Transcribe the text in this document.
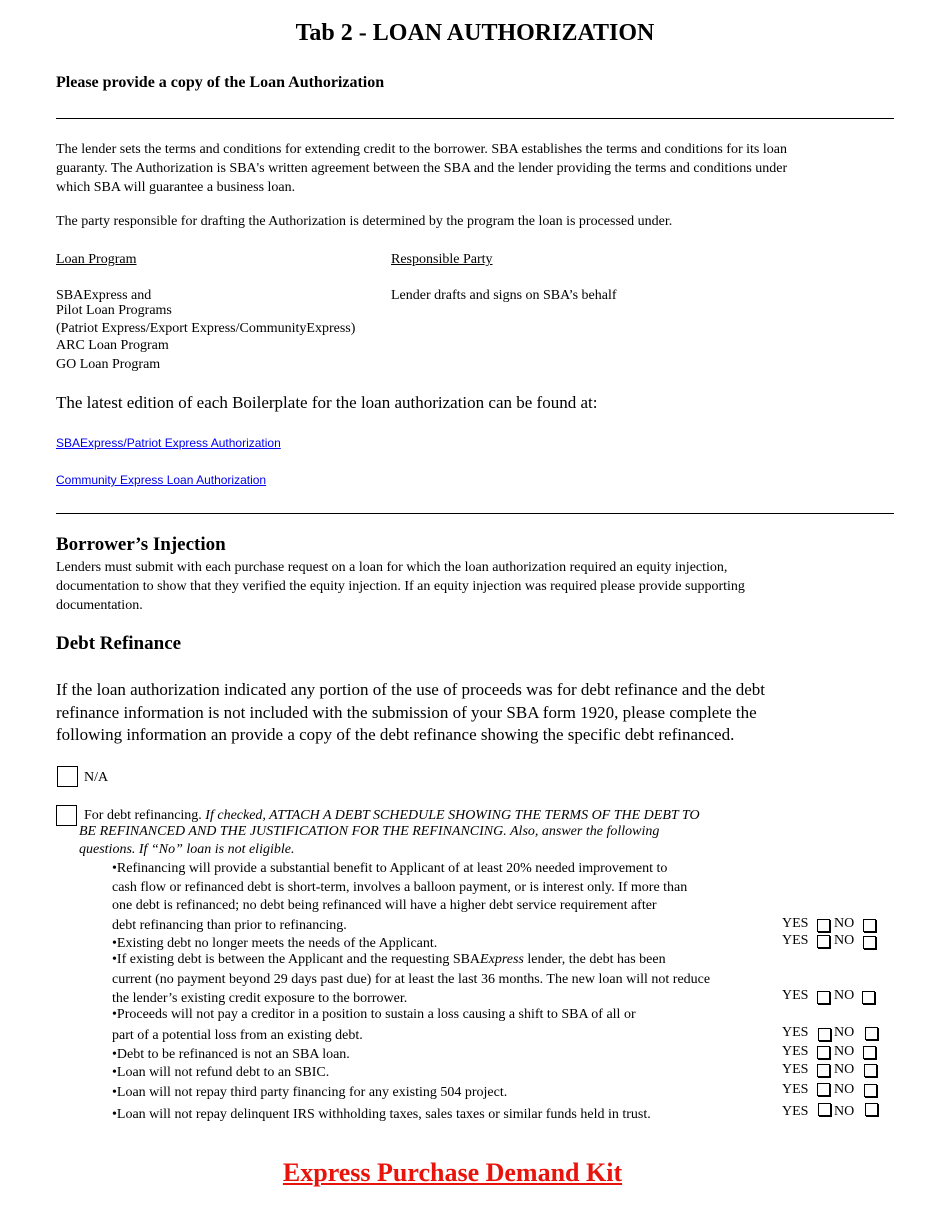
Tab 2 - LOAN AUTHORIZATION
Please provide a copy of the Loan Authorization
The lender sets the terms and conditions for extending credit to the borrower. SBA establishes the terms and conditions for its loan
guaranty. The Authorization is SBA's written agreement between the SBA and the lender providing the terms and conditions under
which SBA will guarantee a business loan.
The party responsible for drafting the Authorization is determined by the program the loan is processed under.
Loan Program	Responsible Party
SBAExpress and
Pilot Loan Programs
(Patriot Express/Export Express/CommunityExpress)
ARC Loan Program
GO Loan Program
Lender drafts and signs on SBA’s behalf
The latest edition of each Boilerplate for the loan authorization can be found at:
SBAExpress/Patriot Express Authorization
Community Express Loan Authorization
Borrower’s Injection
Lenders must submit with each purchase request on a loan for which the loan authorization required an equity injection,
documentation to show that they verified the equity injection. If an equity injection was required please provide supporting
documentation.
Debt Refinance
If the loan authorization indicated any portion of the use of proceeds was for debt refinance and the debt
refinance information is not included with the submission of your SBA form 1920, please complete the
following information an provide a copy of the debt refinance showing the specific debt refinanced.
N/A
For debt refinancing. If checked, ATTACH A DEBT SCHEDULE SHOWING THE TERMS OF THE DEBT TO
BE REFINANCED AND THE JUSTIFICATION FOR THE REFINANCING. Also, answer the following
questions. If “No” loan is not eligible.
•Refinancing will provide a substantial benefit to Applicant of at least 20% needed improvement to
cash flow or refinanced debt is short-term, involves a balloon payment, or is interest only. If more than
one debt is refinanced; no debt being refinanced will have a higher debt service requirement after
debt refinancing than prior to refinancing.
•Existing debt no longer meets the needs of the Applicant.
•If existing debt is between the Applicant and the requesting SBAExpress lender, the debt has been
current (no payment beyond 29 days past due) for at least the last 36 months. The new loan will not reduce
the lender’s existing credit exposure to the borrower.
•Proceeds will not pay a creditor in a position to sustain a loss causing a shift to SBA of all or
part of a potential loss from an existing debt.
•Debt to be refinanced is not an SBA loan.
•Loan will not refund debt to an SBIC.
•Loan will not repay third party financing for any existing 504 project.
•Loan will not repay delinquent IRS withholding taxes, sales taxes or similar funds held in trust.
YES NO
YES NO
YES NO
YES NO
YES NO
YES NO
YES NO
YES NO
Express Purchase Demand Kit
